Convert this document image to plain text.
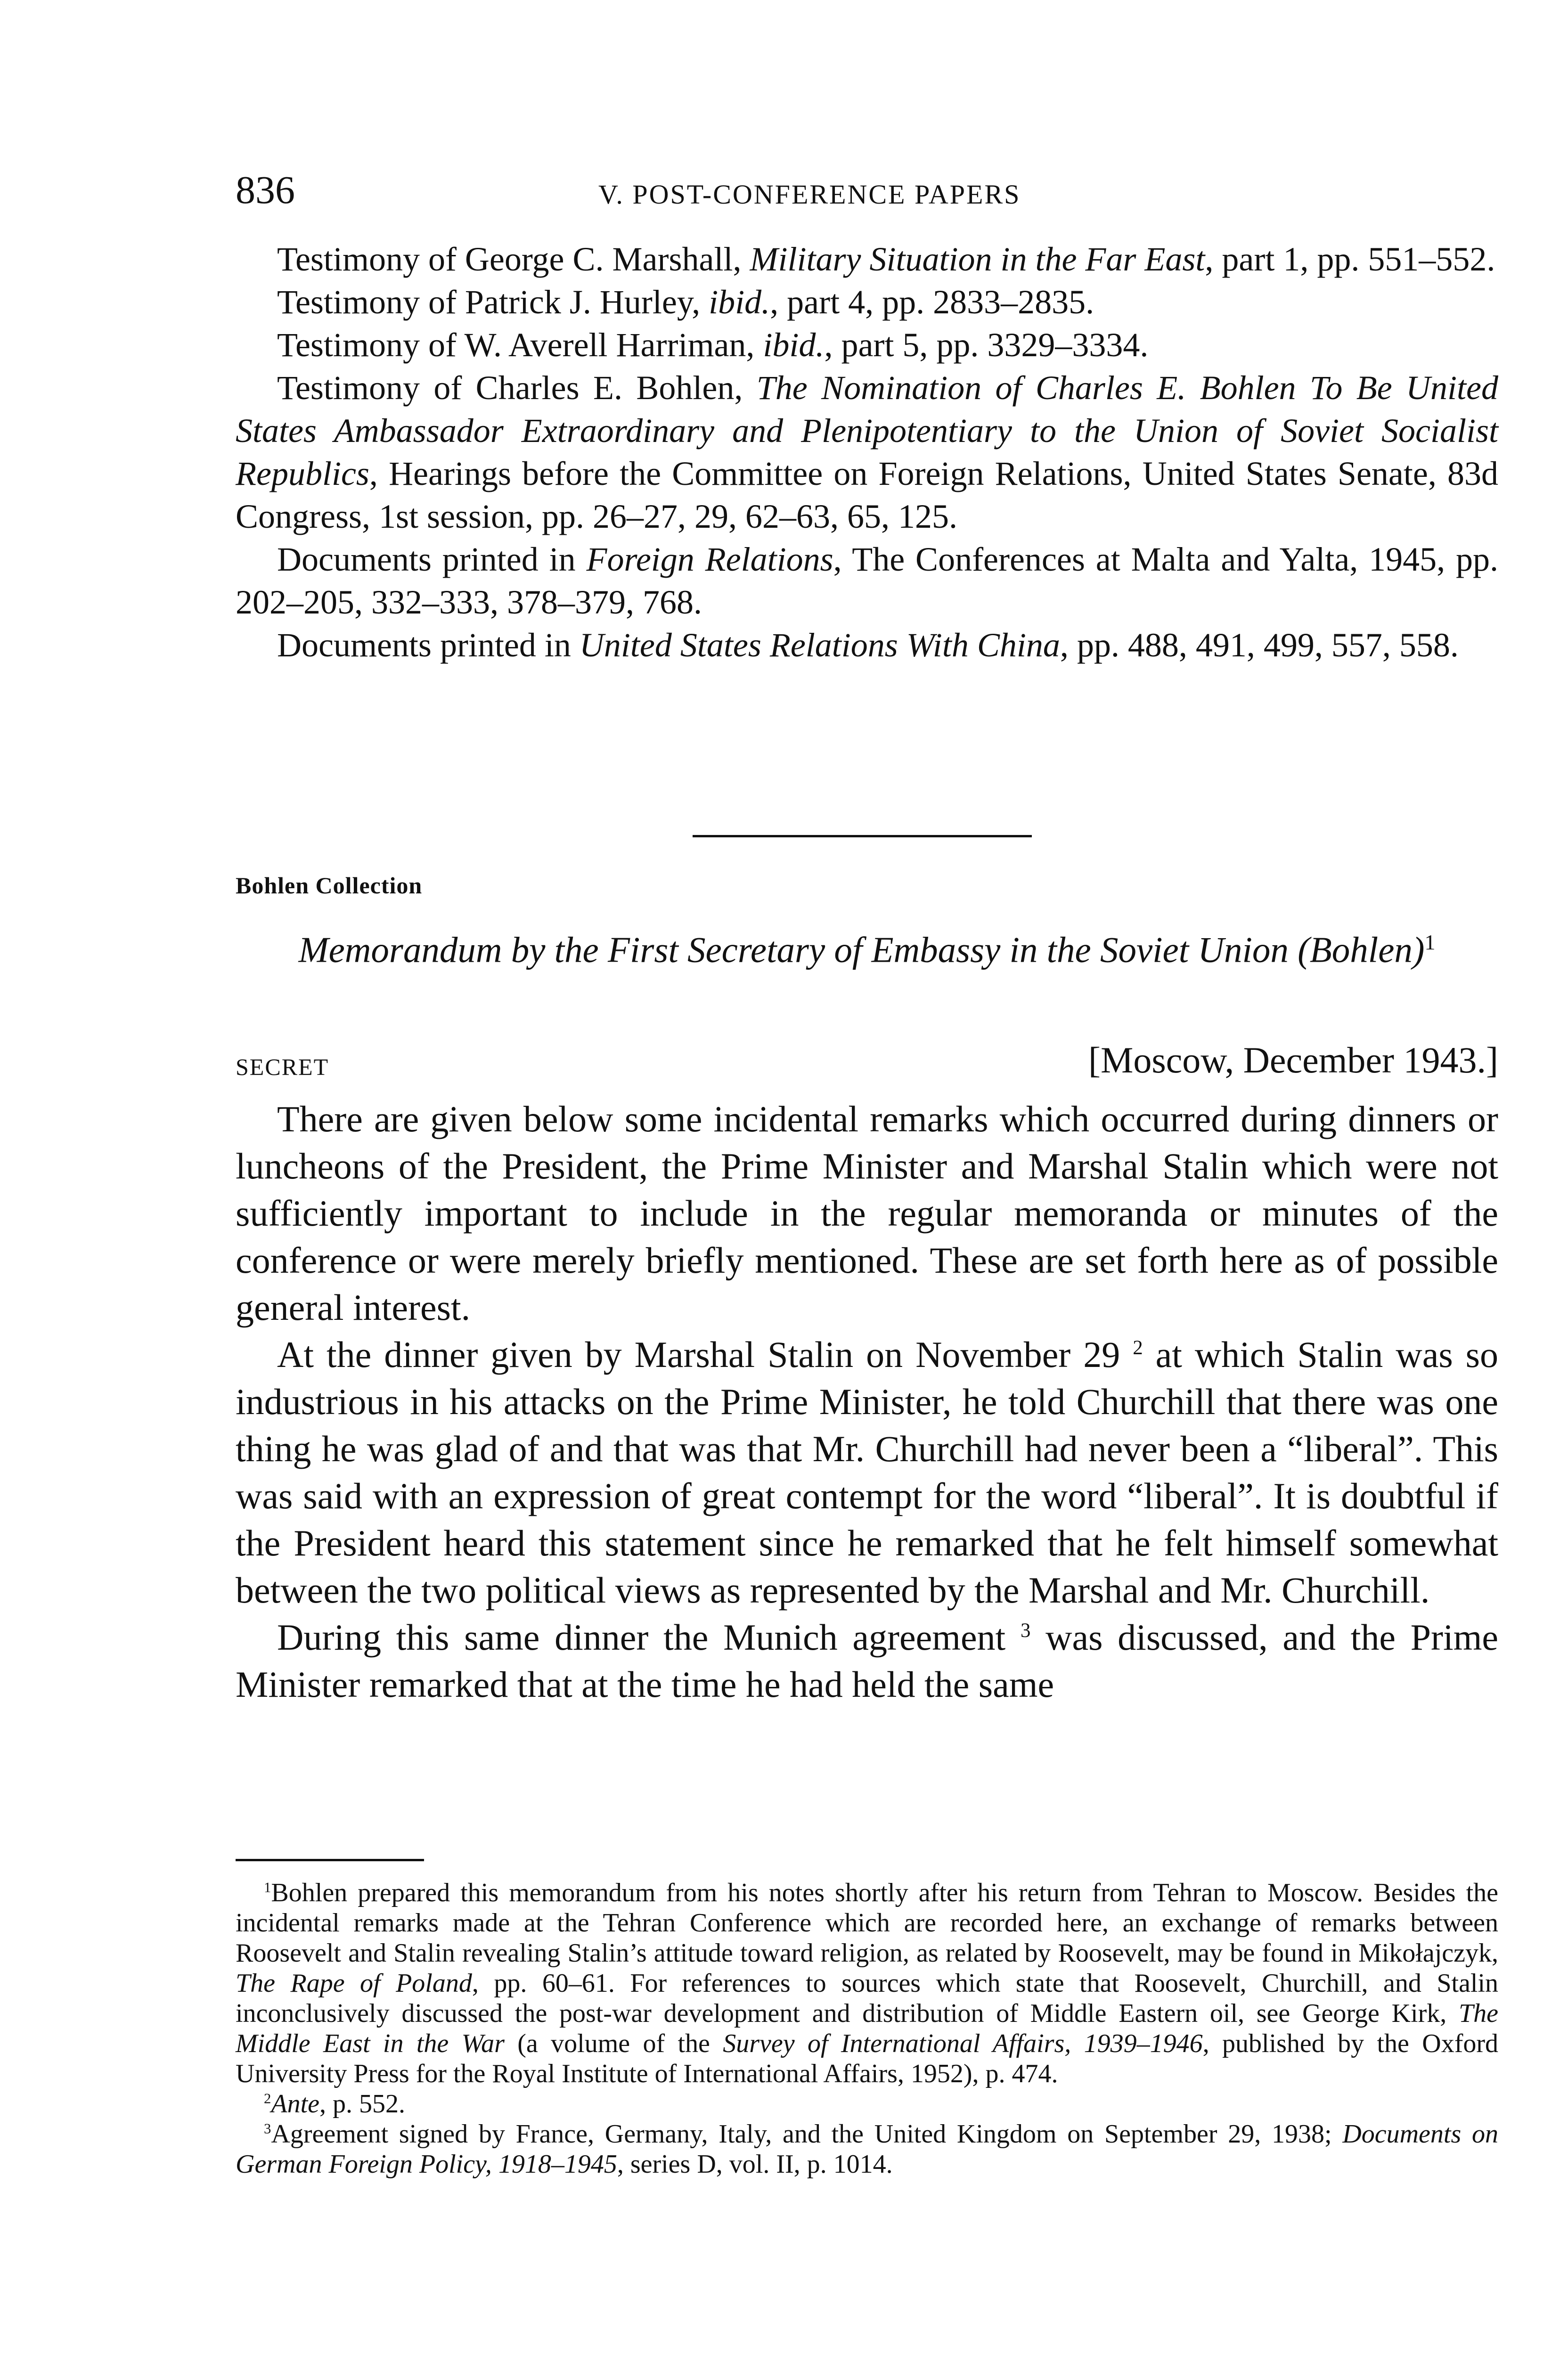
836	V. POST-CONFERENCE PAPERS

Testimony of George C. Marshall, Military Situation in the Far East, part 1, pp. 551–552.

Testimony of Patrick J. Hurley, ibid., part 4, pp. 2833–2835.

Testimony of W. Averell Harriman, ibid., part 5, pp. 3329–3334.

Testimony of Charles E. Bohlen, The Nomination of Charles E. Bohlen To Be United States Ambassador Extraordinary and Plenipotentiary to the Union of Soviet Socialist Republics, Hearings before the Committee on Foreign Relations, United States Senate, 83d Congress, 1st session, pp. 26–27, 29, 62–63, 65, 125.

Documents printed in Foreign Relations, The Conferences at Malta and Yalta, 1945, pp. 202–205, 332–333, 378–379, 768.

Documents printed in United States Relations With China, pp. 488, 491, 499, 557, 558.

Bohlen Collection
Memorandum by the First Secretary of Embassy in the Soviet Union (Bohlen)$^1$
SECRET	[Moscow, December 1943.]

There are given below some incidental remarks which occurred during dinners or luncheons of the President, the Prime Minister and Marshal Stalin which were not sufficiently important to include in the regular memoranda or minutes of the conference or were merely briefly mentioned. These are set forth here as of possible general interest.

At the dinner given by Marshal Stalin on November 29 $^2$ at which Stalin was so industrious in his attacks on the Prime Minister, he told Churchill that there was one thing he was glad of and that was that Mr. Churchill had never been a “liberal”. This was said with an expression of great contempt for the word “liberal”. It is doubtful if the President heard this statement since he remarked that he felt himself somewhat between the two political views as represented by the Marshal and Mr. Churchill.

During this same dinner the Munich agreement $^3$ was discussed, and the Prime Minister remarked that at the time he had held the same

$^1$Bohlen prepared this memorandum from his notes shortly after his return from Tehran to Moscow. Besides the incidental remarks made at the Tehran Conference which are recorded here, an exchange of remarks between Roosevelt and Stalin revealing Stalin’s attitude toward religion, as related by Roosevelt, may be found in Mikołajczyk, The Rape of Poland, pp. 60–61. For references to sources which state that Roosevelt, Churchill, and Stalin inconclusively discussed the post-war development and distribution of Middle Eastern oil, see George Kirk, The Middle East in the War (a volume of the Survey of International Affairs, 1939–1946, published by the Oxford University Press for the Royal Institute of International Affairs, 1952), p. 474.

$^2$Ante, p. 552.

$^3$Agreement signed by France, Germany, Italy, and the United Kingdom on September 29, 1938; Documents on German Foreign Policy, 1918–1945, series D, vol. II, p. 1014.
